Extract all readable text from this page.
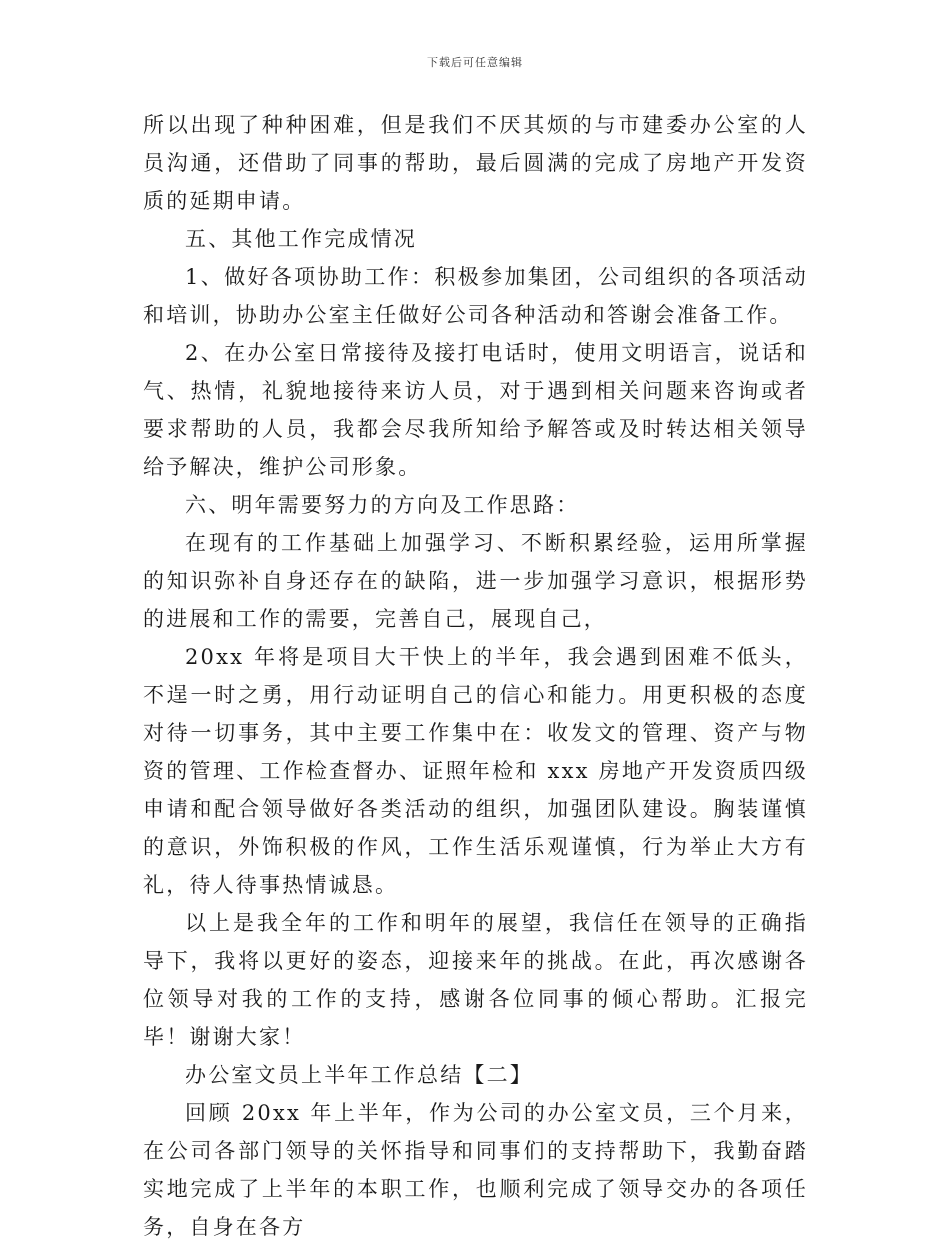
下载后可任意编辑

所以出现了种种困难，但是我们不厌其烦的与市建委办公室的人员沟通，还借助了同事的帮助，最后圆满的完成了房地产开发资质的延期申请。

五、其他工作完成情况

1、做好各项协助工作：积极参加集团，公司组织的各项活动和培训，协助办公室主任做好公司各种活动和答谢会准备工作。

2、在办公室日常接待及接打电话时，使用文明语言，说话和气、热情，礼貌地接待来访人员，对于遇到相关问题来咨询或者要求帮助的人员，我都会尽我所知给予解答或及时转达相关领导给予解决，维护公司形象。

六、明年需要努力的方向及工作思路：

在现有的工作基础上加强学习、不断积累经验，运用所掌握的知识弥补自身还存在的缺陷，进一步加强学习意识，根据形势的进展和工作的需要，完善自己，展现自己，

20xx 年将是项目大干快上的半年，我会遇到困难不低头，不逞一时之勇，用行动证明自己的信心和能力。用更积极的态度对待一切事务，其中主要工作集中在：收发文的管理、资产与物资的管理、工作检查督办、证照年检和 xxx 房地产开发资质四级申请和配合领导做好各类活动的组织，加强团队建设。胸装谨慎的意识，外饰积极的作风，工作生活乐观谨慎，行为举止大方有礼，待人待事热情诚恳。

以上是我全年的工作和明年的展望，我信任在领导的正确指导下，我将以更好的姿态，迎接来年的挑战。在此，再次感谢各位领导对我的工作的支持，感谢各位同事的倾心帮助。汇报完毕！谢谢大家！

办公室文员上半年工作总结【二】

回顾 20xx 年上半年，作为公司的办公室文员，三个月来，在公司各部门领导的关怀指导和同事们的支持帮助下，我勤奋踏实地完成了上半年的本职工作，也顺利完成了领导交办的各项任务，自身在各方
